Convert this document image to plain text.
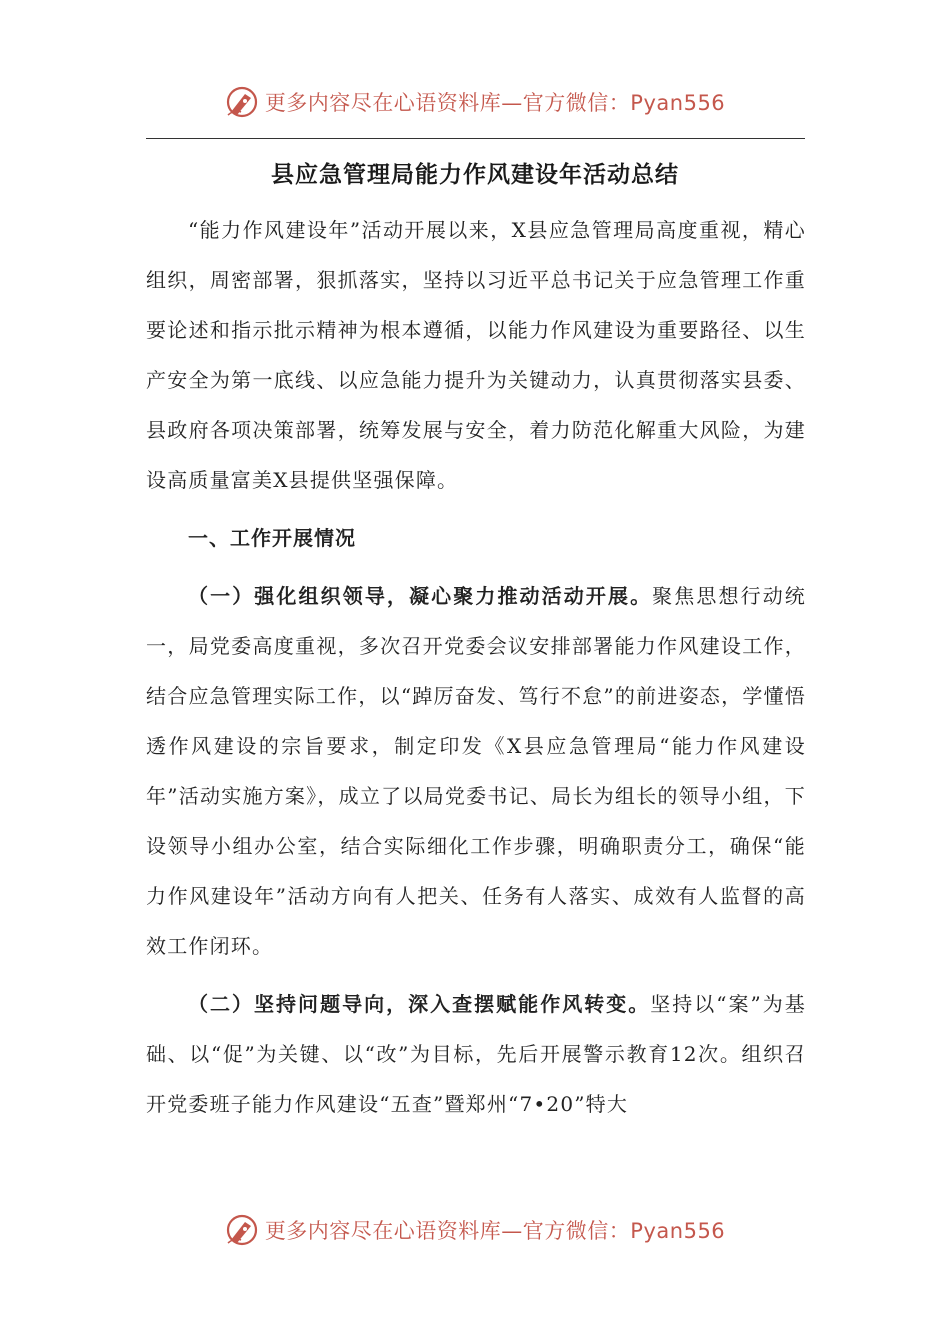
更多内容尽在心语资料库—官方微信：Pyan556
县应急管理局能力作风建设年活动总结

“能力作风建设年”活动开展以来，X县应急管理局高度重视，精心组织，周密部署，狠抓落实，坚持以习近平总书记关于应急管理工作重要论述和指示批示精神为根本遵循，以能力作风建设为重要路径、以生产安全为第一底线、以应急能力提升为关键动力，认真贯彻落实县委、县政府各项决策部署，统筹发展与安全，着力防范化解重大风险，为建设高质量富美X县提供坚强保障。

一、工作开展情况

（一）强化组织领导，凝心聚力推动活动开展。聚焦思想行动统一，局党委高度重视，多次召开党委会议安排部署能力作风建设工作，结合应急管理实际工作，以“踔厉奋发、笃行不怠”的前进姿态，学懂悟透作风建设的宗旨要求，制定印发《X县应急管理局“能力作风建设年”活动实施方案》，成立了以局党委书记、局长为组长的领导小组，下设领导小组办公室，结合实际细化工作步骤，明确职责分工，确保“能力作风建设年”活动方向有人把关、任务有人落实、成效有人监督的高效工作闭环。

（二）坚持问题导向，深入查摆赋能作风转变。坚持以“案”为基础、以“促”为关键、以“改”为目标，先后开展警示教育12次。组织召开党委班子能力作风建设“五查”暨郑州“7•20”特大

更多内容尽在心语资料库—官方微信：Pyan556
